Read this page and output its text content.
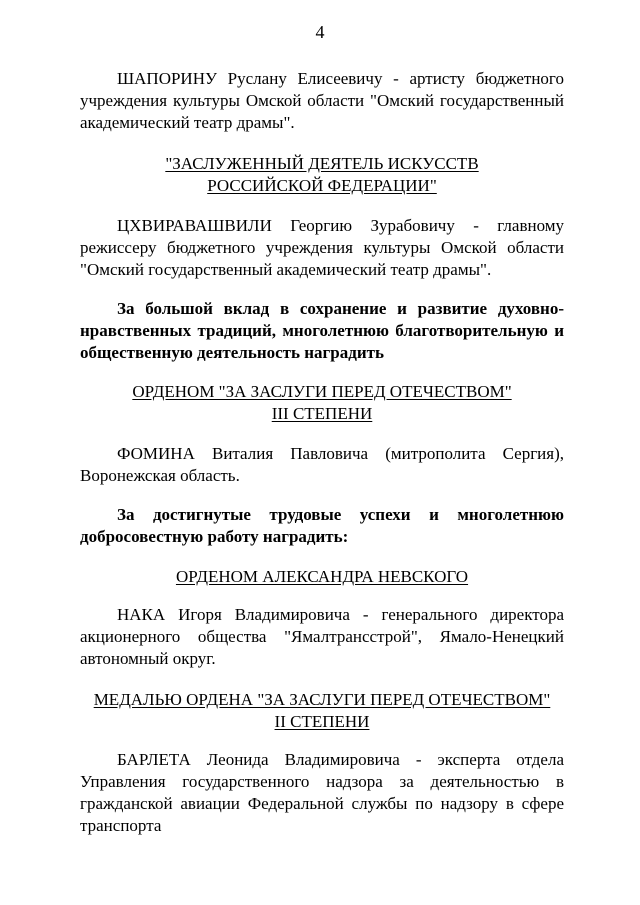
4

ШАПОРИНУ Руслану Елисеевичу - артисту бюджетного учреждения культуры Омской области "Омский государственный академический театр драмы".

"ЗАСЛУЖЕННЫЙ ДЕЯТЕЛЬ ИСКУССТВ
РОССИЙСКОЙ ФЕДЕРАЦИИ"

ЦХВИРАВАШВИЛИ Георгию Зурабовичу - главному режиссеру бюджетного учреждения культуры Омской области "Омский государственный академический театр драмы".

За большой вклад в сохранение и развитие духовно-нравственных традиций, многолетнюю благотворительную и общественную деятельность наградить

ОРДЕНОМ "ЗА ЗАСЛУГИ ПЕРЕД ОТЕЧЕСТВОМ"
III СТЕПЕНИ

ФОМИНА Виталия Павловича (митрополита Сергия), Воронежская область.

За достигнутые трудовые успехи и многолетнюю добросовестную работу наградить:

ОРДЕНОМ АЛЕКСАНДРА НЕВСКОГО

НАКА Игоря Владимировича - генерального директора акционерного общества "Ямалтрансстрой", Ямало-Ненецкий автономный округ.

МЕДАЛЬЮ ОРДЕНА "ЗА ЗАСЛУГИ ПЕРЕД ОТЕЧЕСТВОМ"
II СТЕПЕНИ

БАРЛЕТА Леонида Владимировича - эксперта отдела Управления государственного надзора за деятельностью в гражданской авиации Федеральной службы по надзору в сфере транспорта
